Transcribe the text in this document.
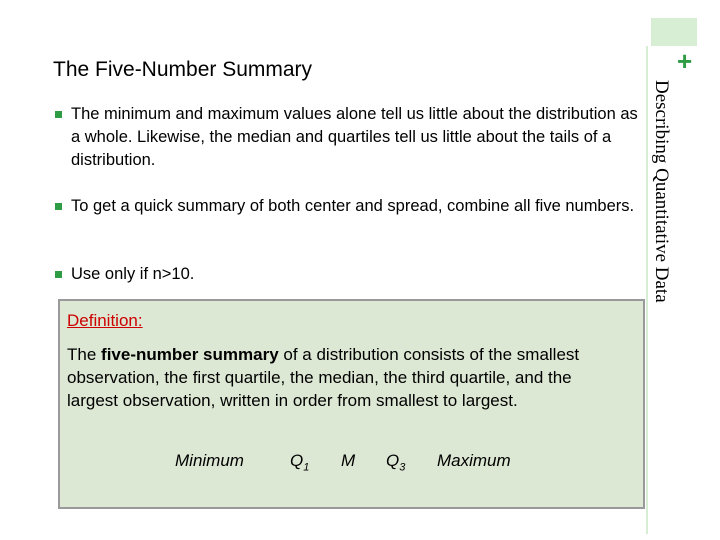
+
Describing Quantitative Data
The Five-Number Summary
The minimum and maximum values alone tell us little about the distribution as a whole. Likewise, the median and quartiles tell us little about the tails of a distribution.
To get a quick summary of both center and spread, combine all five numbers.
Use only if n>10.
Definition:
The five-number summary of a distribution consists of the smallest observation, the first quartile, the median, the third quartile, and the largest observation, written in order from smallest to largest.
Minimum	$Q_1$ M $Q_3$ Maximum
